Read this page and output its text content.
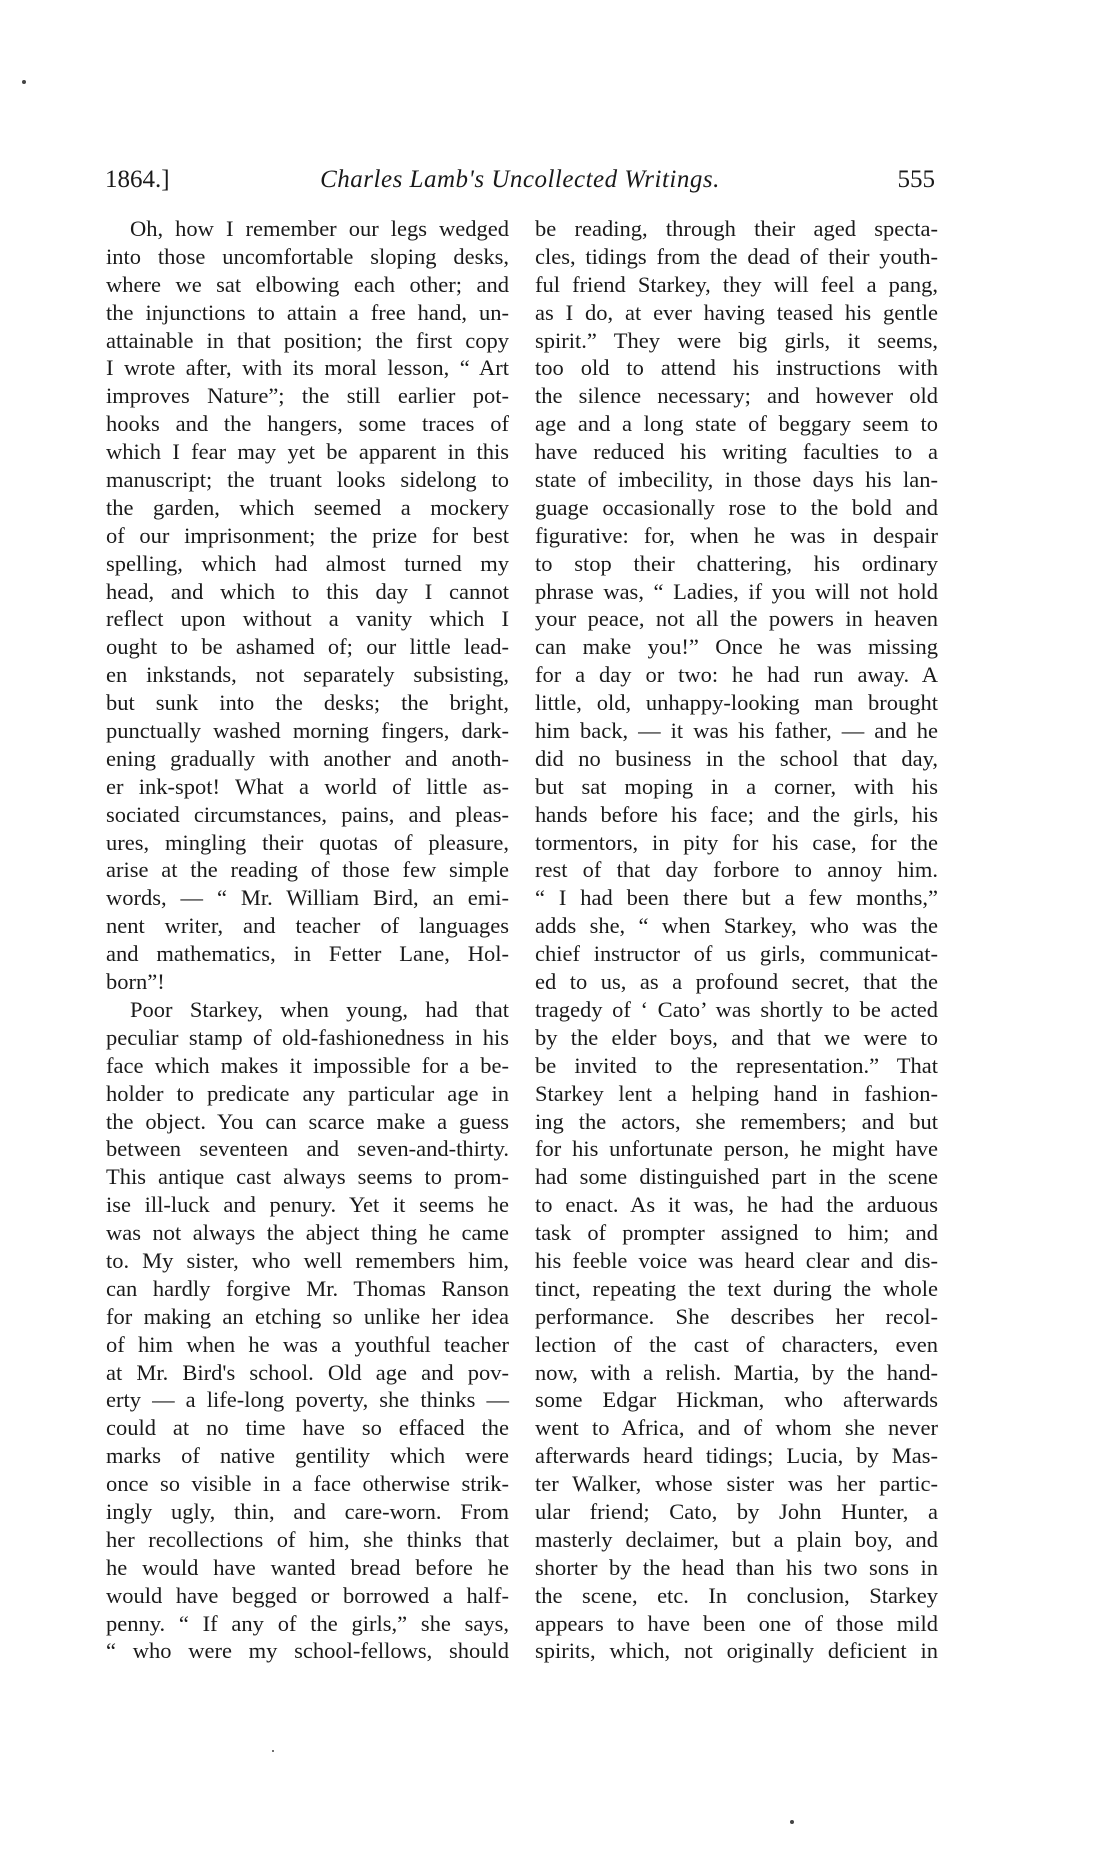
1864.]	Charles Lamb's Uncollected Writings.	555
Oh, how I remember our legs wedged
into those uncomfortable sloping desks,
where we sat elbowing each other; and
the injunctions to attain a free hand, un-
attainable in that position; the first copy
I wrote after, with its moral lesson, “ Art
improves Nature”; the still earlier pot-
hooks and the hangers, some traces of
which I fear may yet be apparent in this
manuscript; the truant looks sidelong to
the garden, which seemed a mockery
of our imprisonment; the prize for best
spelling, which had almost turned my
head, and which to this day I cannot
reflect upon without a vanity which I
ought to be ashamed of; our little lead-
en inkstands, not separately subsisting,
but sunk into the desks; the bright,
punctually washed morning fingers, dark-
ening gradually with another and anoth-
er ink-spot! What a world of little as-
sociated circumstances, pains, and pleas-
ures, mingling their quotas of pleasure,
arise at the reading of those few simple
words, — “ Mr. William Bird, an emi-
nent writer, and teacher of languages
and mathematics, in Fetter Lane, Hol-
born”!
Poor Starkey, when young, had that
peculiar stamp of old-fashionedness in his
face which makes it impossible for a be-
holder to predicate any particular age in
the object. You can scarce make a guess
between seventeen and seven-and-thirty.
This antique cast always seems to prom-
ise ill-luck and penury. Yet it seems he
was not always the abject thing he came
to. My sister, who well remembers him,
can hardly forgive Mr. Thomas Ranson
for making an etching so unlike her idea
of him when he was a youthful teacher
at Mr. Bird's school. Old age and pov-
erty — a life-long poverty, she thinks —
could at no time have so effaced the
marks of native gentility which were
once so visible in a face otherwise strik-
ingly ugly, thin, and care-worn. From
her recollections of him, she thinks that
he would have wanted bread before he
would have begged or borrowed a half-
penny. “ If any of the girls,” she says,
“ who were my school-fellows, should
be reading, through their aged specta-
cles, tidings from the dead of their youth-
ful friend Starkey, they will feel a pang,
as I do, at ever having teased his gentle
spirit.” They were big girls, it seems,
too old to attend his instructions with
the silence necessary; and however old
age and a long state of beggary seem to
have reduced his writing faculties to a
state of imbecility, in those days his lan-
guage occasionally rose to the bold and
figurative: for, when he was in despair
to stop their chattering, his ordinary
phrase was, “ Ladies, if you will not hold
your peace, not all the powers in heaven
can make you!” Once he was missing
for a day or two: he had run away. A
little, old, unhappy-looking man brought
him back, — it was his father, — and he
did no business in the school that day,
but sat moping in a corner, with his
hands before his face; and the girls, his
tormentors, in pity for his case, for the
rest of that day forbore to annoy him.
“ I had been there but a few months,”
adds she, “ when Starkey, who was the
chief instructor of us girls, communicat-
ed to us, as a profound secret, that the
tragedy of ‘ Cato’ was shortly to be acted
by the elder boys, and that we were to
be invited to the representation.” That
Starkey lent a helping hand in fashion-
ing the actors, she remembers; and but
for his unfortunate person, he might have
had some distinguished part in the scene
to enact. As it was, he had the arduous
task of prompter assigned to him; and
his feeble voice was heard clear and dis-
tinct, repeating the text during the whole
performance. She describes her recol-
lection of the cast of characters, even
now, with a relish. Martia, by the hand-
some Edgar Hickman, who afterwards
went to Africa, and of whom she never
afterwards heard tidings; Lucia, by Mas-
ter Walker, whose sister was her partic-
ular friend; Cato, by John Hunter, a
masterly declaimer, but a plain boy, and
shorter by the head than his two sons in
the scene, etc. In conclusion, Starkey
appears to have been one of those mild
spirits, which, not originally deficient in
